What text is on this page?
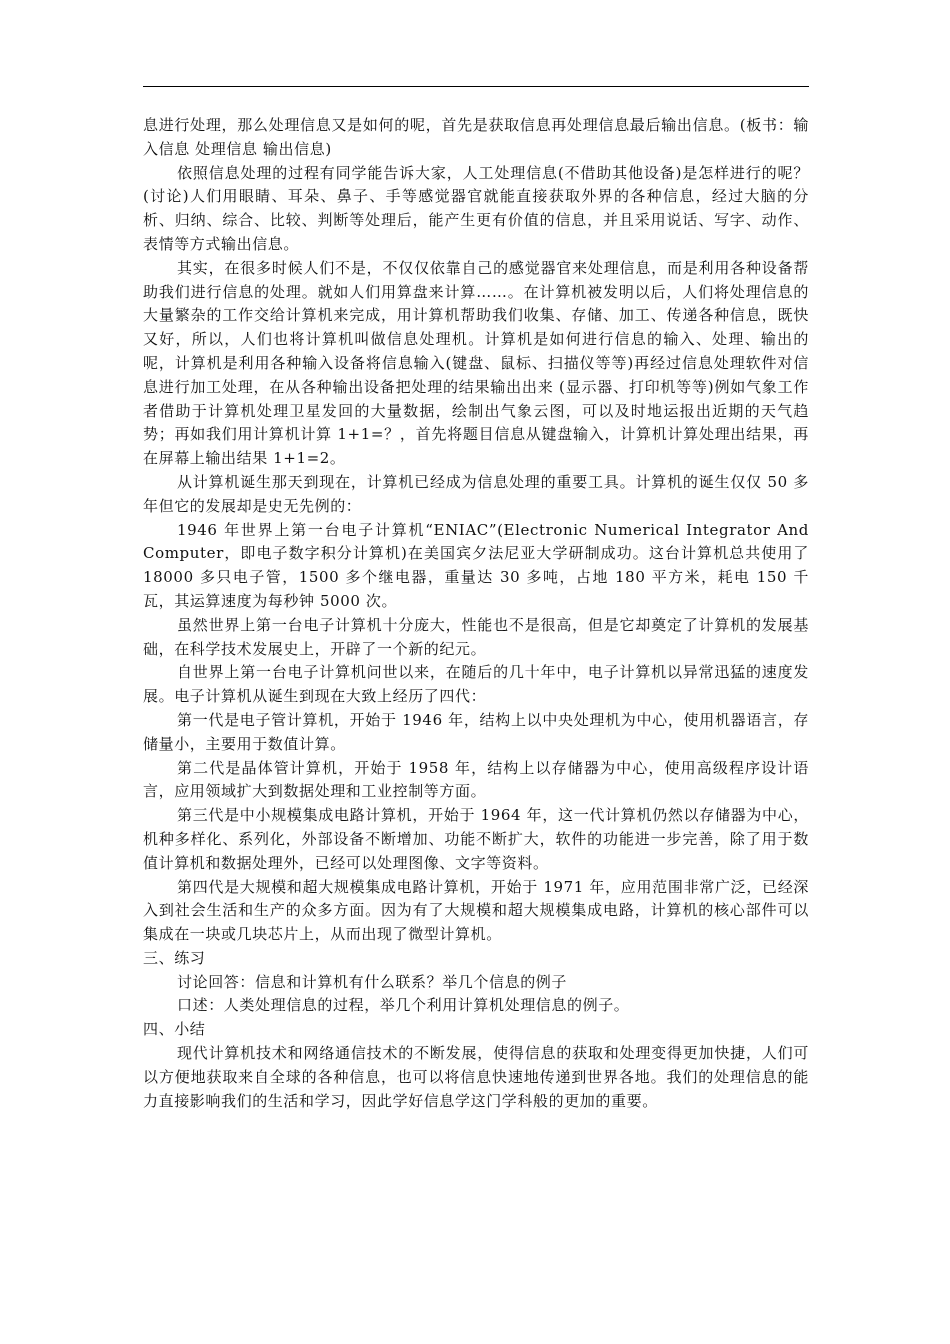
息进行处理，那么处理信息又是如何的呢，首先是获取信息再处理信息最后输出信息。(板书：输入信息 处理信息 输出信息)

依照信息处理的过程有同学能告诉大家，人工处理信息(不借助其他设备)是怎样进行的呢？(讨论)人们用眼睛、耳朵、鼻子、手等感觉器官就能直接获取外界的各种信息，经过大脑的分析、归纳、综合、比较、判断等处理后，能产生更有价值的信息，并且采用说话、写字、动作、表情等方式输出信息。

其实，在很多时候人们不是，不仅仅依靠自己的感觉器官来处理信息，而是利用各种设备帮助我们进行信息的处理。就如人们用算盘来计算……。在计算机被发明以后，人们将处理信息的大量繁杂的工作交给计算机来完成，用计算机帮助我们收集、存储、加工、传递各种信息，既快又好，所以，人们也将计算机叫做信息处理机。计算机是如何进行信息的输入、处理、输出的呢，计算机是利用各种输入设备将信息输入(键盘、鼠标、扫描仪等等)再经过信息处理软件对信息进行加工处理，在从各种输出设备把处理的结果输出出来 (显示器、打印机等等)例如气象工作者借助于计算机处理卫星发回的大量数据，绘制出气象云图，可以及时地运报出近期的天气趋势；再如我们用计算机计算 1+1=？，首先将题目信息从键盘输入，计算机计算处理出结果，再在屏幕上输出结果 1+1=2。

从计算机诞生那天到现在，计算机已经成为信息处理的重要工具。计算机的诞生仅仅 50 多年但它的发展却是史无先例的：

1946 年世界上第一台电子计算机“ENIAC”(Electronic Numerical Integrator And Computer，即电子数字积分计算机)在美国宾夕法尼亚大学研制成功。这台计算机总共使用了 18000 多只电子管，1500 多个继电器，重量达 30 多吨，占地 180 平方米，耗电 150 千瓦，其运算速度为每秒钟 5000 次。

虽然世界上第一台电子计算机十分庞大，性能也不是很高，但是它却奠定了计算机的发展基础，在科学技术发展史上，开辟了一个新的纪元。

自世界上第一台电子计算机问世以来，在随后的几十年中，电子计算机以异常迅猛的速度发展。电子计算机从诞生到现在大致上经历了四代：

第一代是电子管计算机，开始于 1946 年，结构上以中央处理机为中心，使用机器语言，存储量小，主要用于数值计算。

第二代是晶体管计算机，开始于 1958 年，结构上以存储器为中心，使用高级程序设计语言，应用领域扩大到数据处理和工业控制等方面。

第三代是中小规模集成电路计算机，开始于 1964 年，这一代计算机仍然以存储器为中心，机种多样化、系列化，外部设备不断增加、功能不断扩大，软件的功能进一步完善，除了用于数值计算机和数据处理外，已经可以处理图像、文字等资料。

第四代是大规模和超大规模集成电路计算机，开始于 1971 年，应用范围非常广泛，已经深入到社会生活和生产的众多方面。因为有了大规模和超大规模集成电路，计算机的核心部件可以集成在一块或几块芯片上，从而出现了微型计算机。

三、练习

讨论回答：信息和计算机有什么联系？举几个信息的例子

口述：人类处理信息的过程，举几个利用计算机处理信息的例子。

四、小结

现代计算机技术和网络通信技术的不断发展，使得信息的获取和处理变得更加快捷，人们可以方便地获取来自全球的各种信息，也可以将信息快速地传递到世界各地。我们的处理信息的能力直接影响我们的生活和学习，因此学好信息学这门学科般的更加的重要。
